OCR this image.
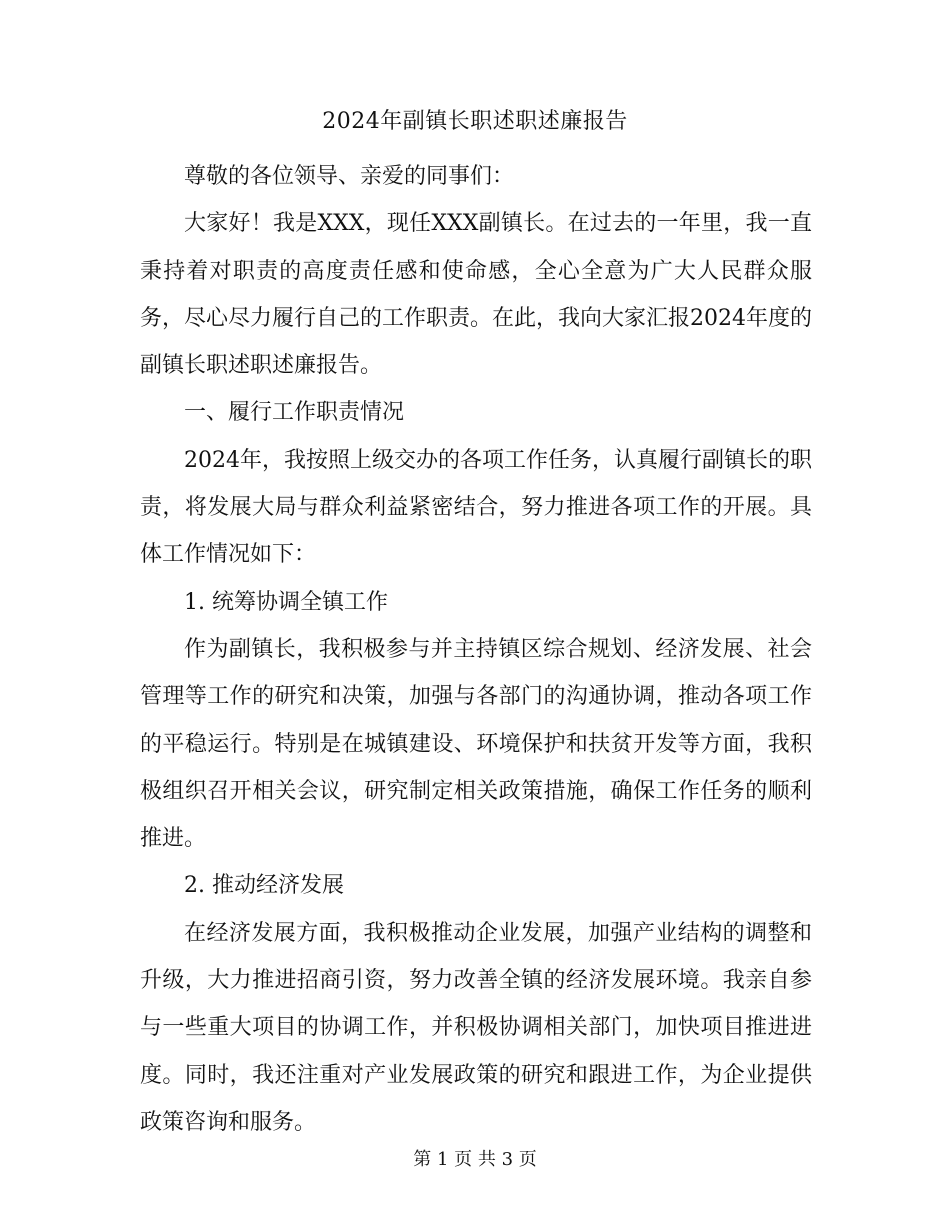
2024年副镇长职述职述廉报告

尊敬的各位领导、亲爱的同事们：

大家好！我是XXX，现任XXX副镇长。在过去的一年里，我一直秉持着对职责的高度责任感和使命感，全心全意为广大人民群众服务，尽心尽力履行自己的工作职责。在此，我向大家汇报2024年度的副镇长职述职述廉报告。

一、履行工作职责情况

2024年，我按照上级交办的各项工作任务，认真履行副镇长的职责，将发展大局与群众利益紧密结合，努力推进各项工作的开展。具体工作情况如下：

1. 统筹协调全镇工作

作为副镇长，我积极参与并主持镇区综合规划、经济发展、社会管理等工作的研究和决策，加强与各部门的沟通协调，推动各项工作的平稳运行。特别是在城镇建设、环境保护和扶贫开发等方面，我积极组织召开相关会议，研究制定相关政策措施，确保工作任务的顺利推进。

2. 推动经济发展

在经济发展方面，我积极推动企业发展，加强产业结构的调整和升级，大力推进招商引资，努力改善全镇的经济发展环境。我亲自参与一些重大项目的协调工作，并积极协调相关部门，加快项目推进进度。同时，我还注重对产业发展政策的研究和跟进工作，为企业提供政策咨询和服务。

第 1 页 共 3 页
